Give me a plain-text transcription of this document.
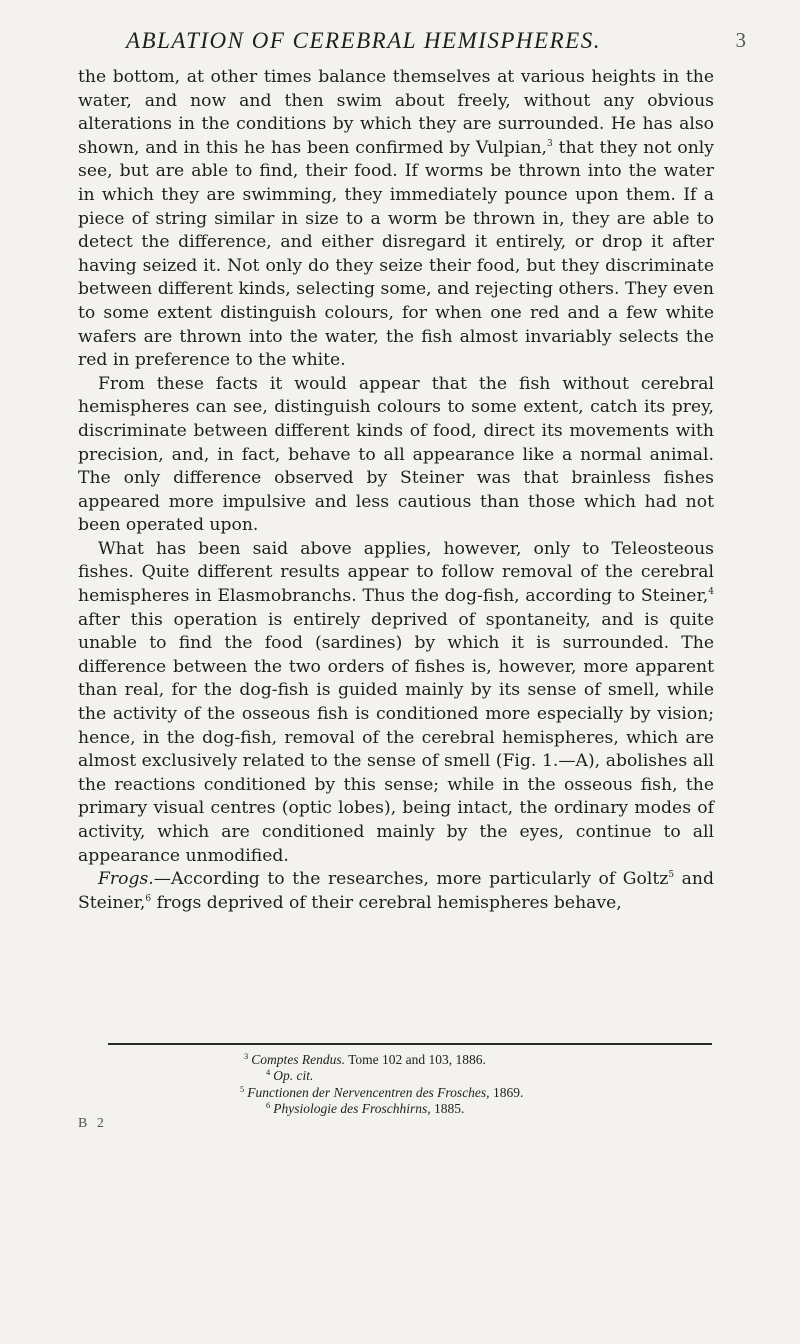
ABLATION OF CEREBRAL HEMISPHERES.	3

the bottom, at other times balance themselves at various heights in the water, and now and then swim about freely, without any obvious alterations in the conditions by which they are surrounded. He has also shown, and in this he has been confirmed by Vulpian,$^3$ that they not only see, but are able to find, their food. If worms be thrown into the water in which they are swimming, they immediately pounce upon them. If a piece of string similar in size to a worm be thrown in, they are able to detect the difference, and either disregard it entirely, or drop it after having seized it. Not only do they seize their food, but they discriminate between different kinds, selecting some, and rejecting others. They even to some extent distinguish colours, for when one red and a few white wafers are thrown into the water, the fish almost invariably selects the red in preference to the white.

From these facts it would appear that the fish without cerebral hemispheres can see, distinguish colours to some extent, catch its prey, discriminate between different kinds of food, direct its movements with precision, and, in fact, behave to all appearance like a normal animal. The only difference observed by Steiner was that brainless fishes appeared more impulsive and less cautious than those which had not been operated upon.

What has been said above applies, however, only to Teleosteous fishes. Quite different results appear to follow removal of the cerebral hemispheres in Elasmobranchs. Thus the dog-fish, according to Steiner,$^4$ after this operation is entirely deprived of spontaneity, and is quite unable to find the food (sardines) by which it is surrounded. The difference between the two orders of fishes is, however, more apparent than real, for the dog-fish is guided mainly by its sense of smell, while the activity of the osseous fish is conditioned more especially by vision; hence, in the dog-fish, removal of the cerebral hemispheres, which are almost exclusively related to the sense of smell (Fig. 1.—A), abolishes all the reactions conditioned by this sense; while in the osseous fish, the primary visual centres (optic lobes), being intact, the ordinary modes of activity, which are conditioned mainly by the eyes, continue to all appearance unmodified.

Frogs.—According to the researches, more particularly of Goltz$^5$ and Steiner,$^6$ frogs deprived of their cerebral hemispheres behave,

$^3$ Comptes Rendus. Tome 102 and 103, 1886.
$^4$ Op. cit.
$^5$ Functionen der Nervencentren des Frosches, 1869.
$^6$ Physiologie des Froschhirns, 1885.
B 2
